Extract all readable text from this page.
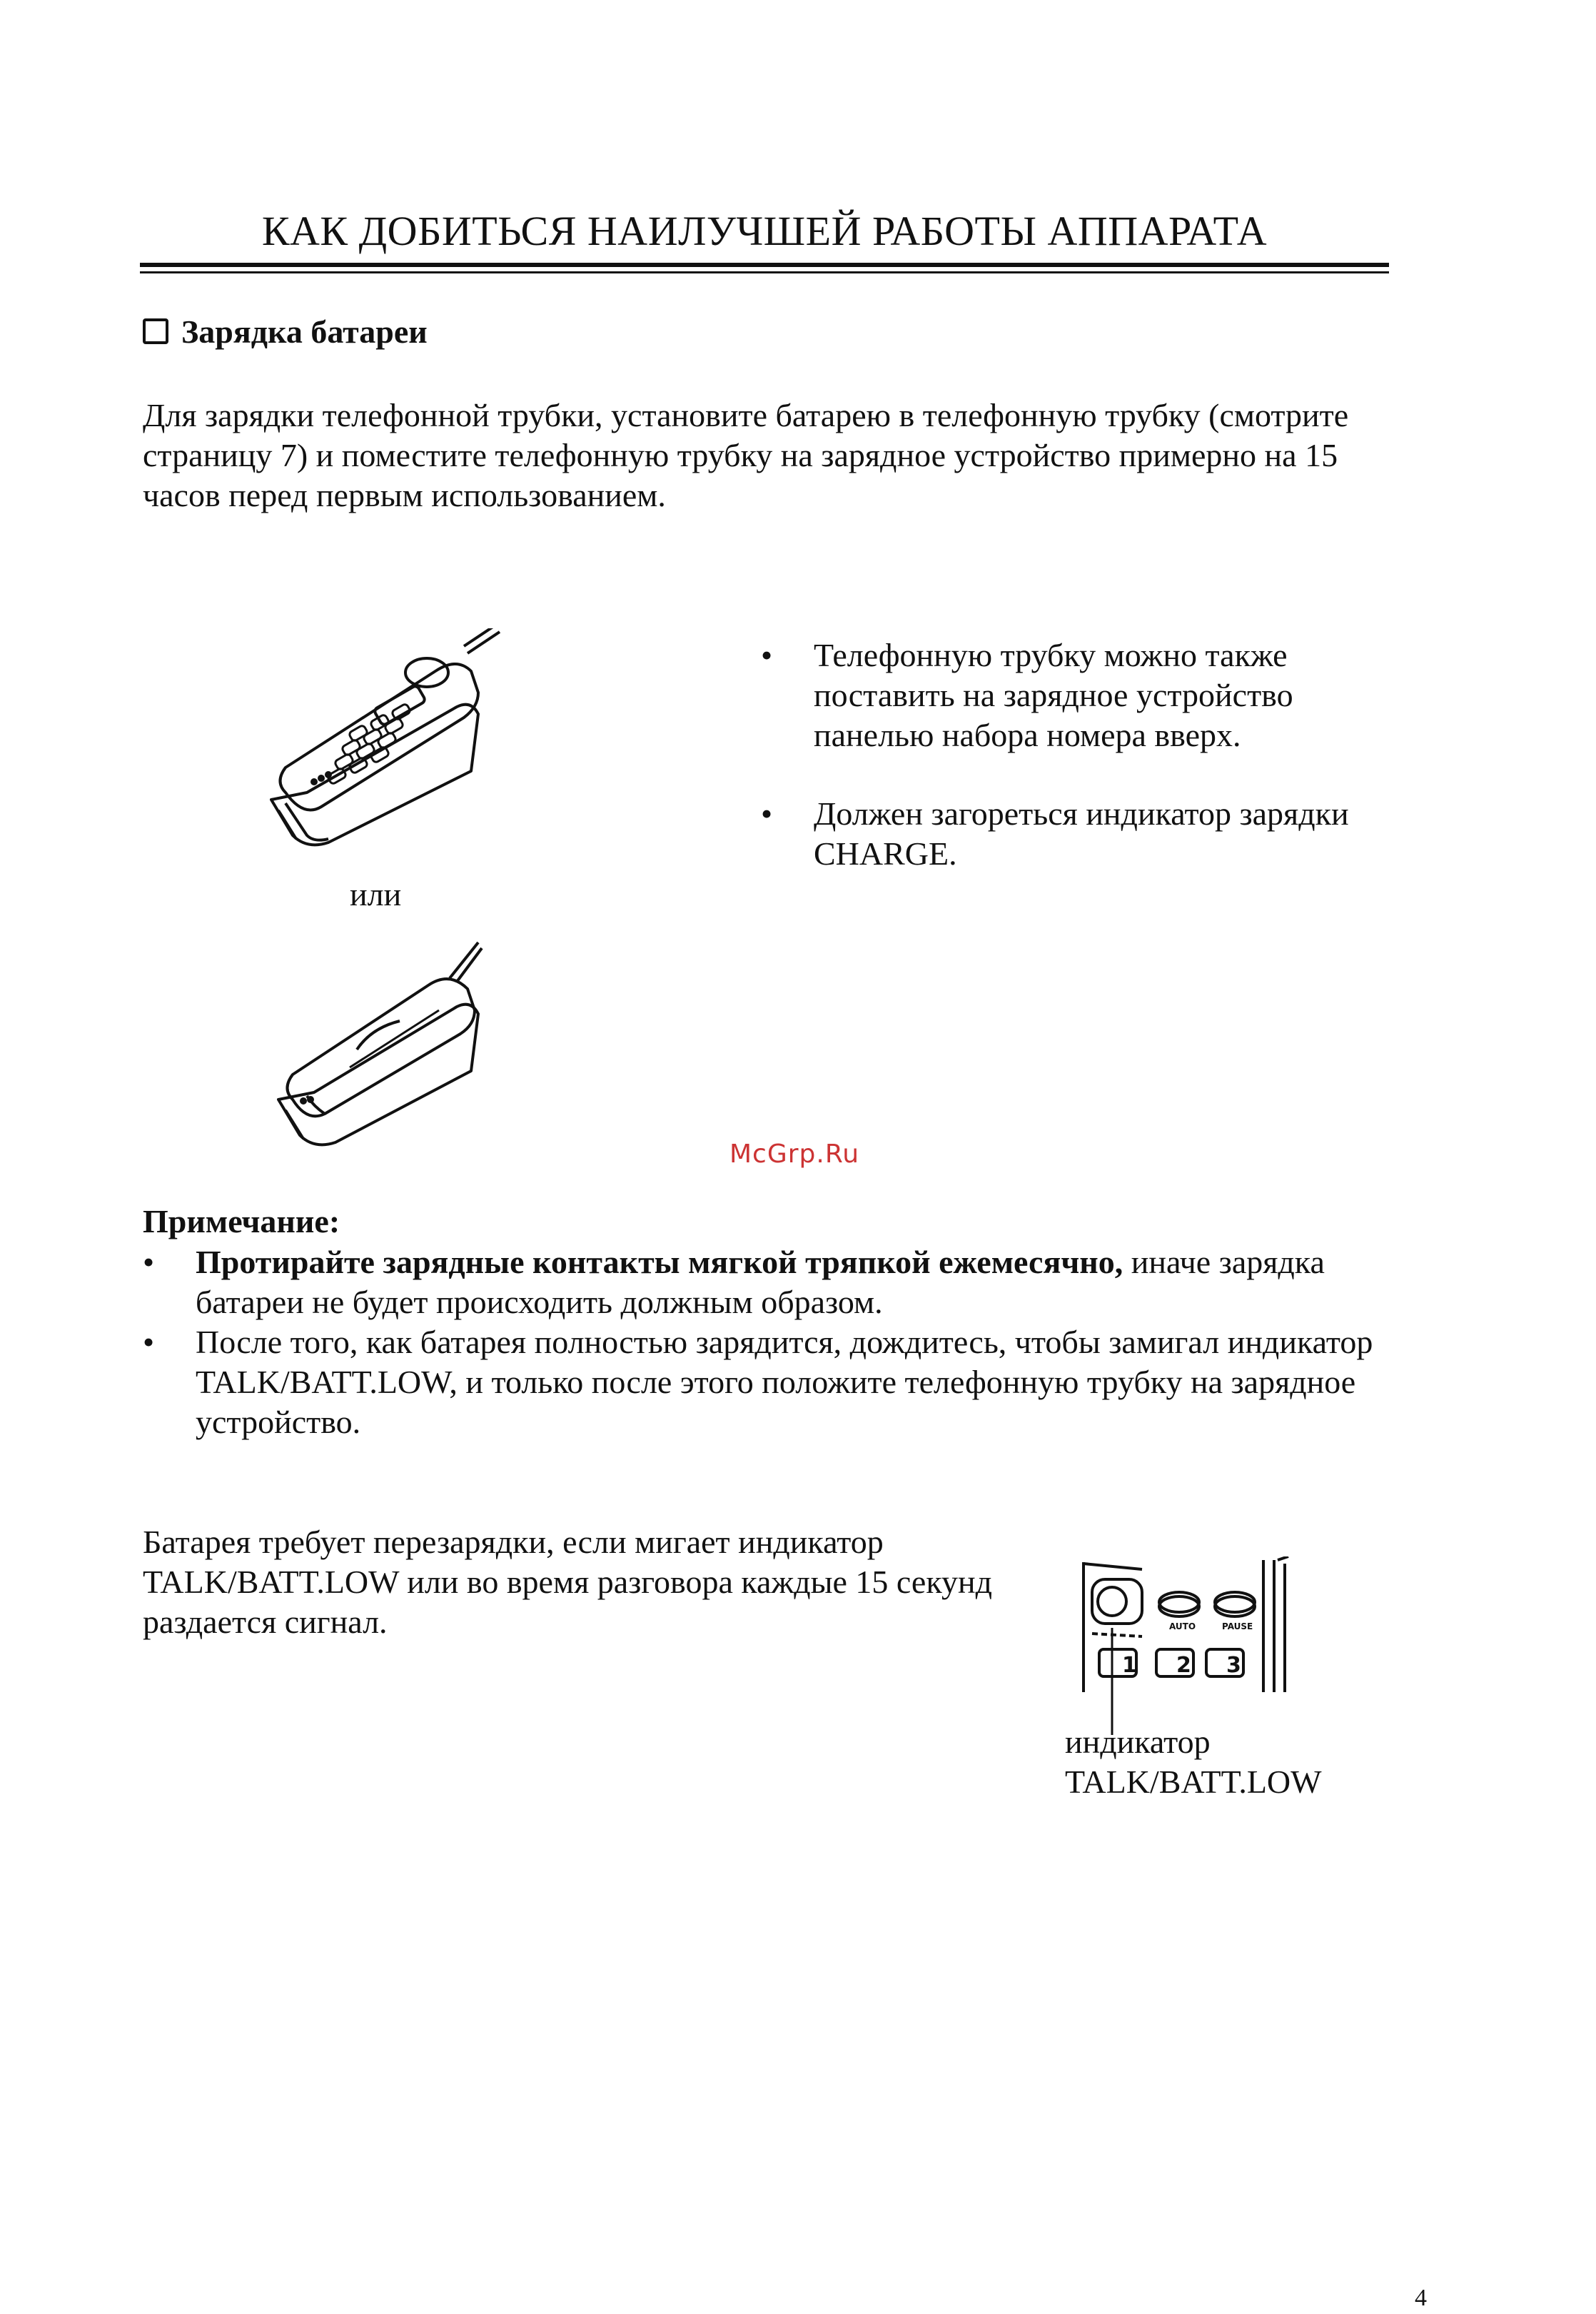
КАК ДОБИТЬСЯ НАИЛУЧШЕЙ РАБОТЫ АППАРАТА
Зарядка батареи
Для зарядки телефонной трубки, установите батарею в телефонную трубку (смотрите страницу 7) и поместите телефонную трубку на зарядное устройство примерно на 15 часов перед первым использованием.
или
• Телефонную трубку можно также поставить на зарядное устройство панелью набора номера вверх.
• Должен загореться индикатор зарядки CHARGE.
McGrp.Ru
Примечание:
• Протирайте зарядные контакты мягкой тряпкой ежемесячно, иначе зарядка батареи не будет происходить должным образом.
• После того, как батарея полностью зарядится, дождитесь, чтобы замигал индикатор TALK/BATT.LOW, и только после этого положите телефонную трубку на зарядное устройство.
Батарея требует перезарядки, если мигает индикатор TALK/BATT.LOW или во время разговора каждые 15 секунд раздается сигнал.
1 2 3
AUTO	PAUSE
индикатор
TALK/BATT.LOW
4
